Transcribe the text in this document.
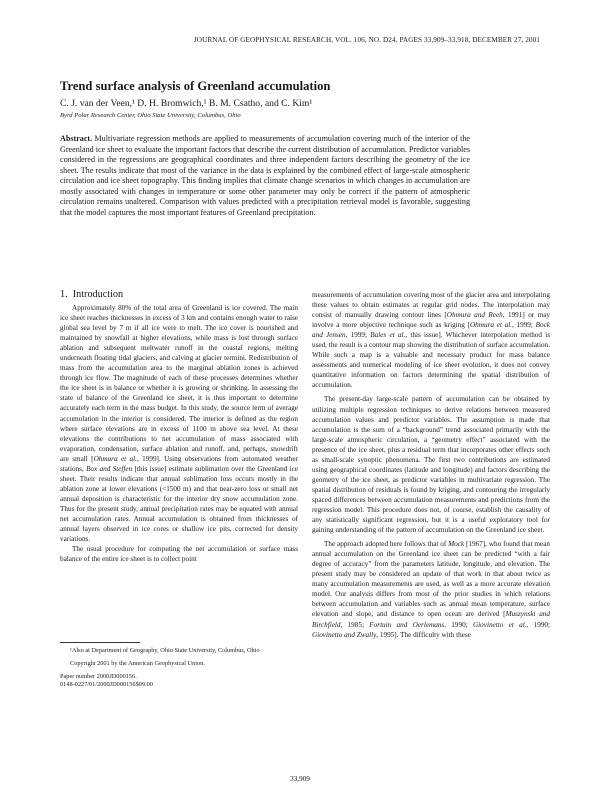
JOURNAL OF GEOPHYSICAL RESEARCH, VOL. 106, NO. D24, PAGES 33,909–33,918, DECEMBER 27, 2001
Trend surface analysis of Greenland accumulation
C. J. van der Veen,¹ D. H. Bromwich,¹ B. M. Csatho, and C. Kim¹
Byrd Polar Research Center, Ohio State University, Columbus, Ohio

Abstract. Multivariate regression methods are applied to measurements of accumulation covering much of the interior of the Greenland ice sheet to evaluate the important factors that describe the current distribution of accumulation. Predictor variables considered in the regressions are geographical coordinates and three independent factors describing the geometry of the ice sheet. The results indicate that most of the variance in the data is explained by the combined effect of large-scale atmospheric circulation and ice sheet topography. This finding implies that climate change scenarios in which changes in accumulation are mostly associated with changes in temperature or some other parameter may only be correct if the pattern of atmospheric circulation remains unaltered. Comparison with values predicted with a precipitation retrieval model is favorable, suggesting that the model captures the most important features of Greenland precipitation.

1. Introduction

Approximately 80% of the total area of Greenland is ice covered. The main ice sheet reaches thicknesses in excess of 3 km and contains enough water to raise global sea level by 7 m if all ice were to melt. The ice cover is nourished and maintained by snowfall at higher elevations, while mass is lost through surface ablation and subsequent meltwater runoff in the coastal regions, melting underneath floating tidal glaciers, and calving at glacier termini. Redistribution of mass from the accumulation area to the marginal ablation zones is achieved through ice flow. The magnitude of each of these processes determines whether the ice sheet is in balance or whether it is growing or shrinking. In assessing the state of balance of the Greenland ice sheet, it is thus important to determine accurately each term in the mass budget. In this study, the source term of average accumulation in the interior is considered. The interior is defined as the region where surface elevations are in excess of 1100 m above sea level. At these elevations the contributions to net accumulation of mass associated with evaporation, condensation, surface ablation and runoff, and, perhaps, snowdrift are small [Ohmura et al., 1999]. Using observations from automated weather stations, Box and Steffen [this issue] estimate sublimation over the Greenland ice sheet. Their results indicate that annual sublimation loss occurs mostly in the ablation zone at lower elevations (<1500 m) and that near-zero loss or small net annual deposition is characteristic for the interior dry snow accumulation zone. Thus for the present study, annual precipitation rates may be equated with annual net accumulation rates. Annual accumulation is obtained from thicknesses of annual layers observed in ice cores or shallow ice pits, corrected for density variations.

The usual procedure for computing the net accumulation or surface mass balance of the entire ice sheet is to collect point

¹Also at Department of Geography, Ohio State University, Columbus, Ohio

Copyright 2001 by the American Geophysical Union.

Paper number 2000JD000156.

0148-0227/01/2000JD000156$09.00

measurements of accumulation covering most of the glacier area and interpolating these values to obtain estimates at regular grid nodes. The interpolation may consist of manually drawing contour lines [Ohmura and Reeh, 1991] or may involve a more objective technique such as kriging [Ohmura et al., 1999; Bock and Jensen, 1999; Bales et al., this issue]. Whichever interpolation method is used, the result is a contour map showing the distribution of surface accumulation. While such a map is a valuable and necessary product for mass balance assessments and numerical modeling of ice sheet evolution, it does not convey quantitative information on factors determining the spatial distribution of accumulation.

The present-day large-scale pattern of accumulation can be obtained by utilizing multiple regression techniques to derive relations between measured accumulation values and predictor variables. The assumption is made that accumulation is the sum of a “background” trend associated primarily with the large-scale atmospheric circulation, a “geometry effect” associated with the presence of the ice sheet, plus a residual term that incorporates other effects such as small-scale synoptic phenomena. The first two contributions are estimated using geographical coordinates (latitude and longitude) and factors describing the geometry of the ice sheet, as predictor variables in multivariate regression. The spatial distribution of residuals is found by kriging, and contouring the irregularly spaced differences between accumulation measurements and predictions from the regression model. This procedure does not, of course, establish the causality of any statistically significant regression, but it is a useful exploratory tool for gaining understanding of the pattern of accumulation on the Greenland ice sheet.

The approach adopted here follows that of Mock [1967], who found that mean annual accumulation on the Greenland ice sheet can be predicted “with a fair degree of accuracy” from the parameters latitude, longitude, and elevation. The present study may be considered an update of that work in that about twice as many accumulation measurements are used, as well as a more accurate elevation model. Our analysis differs from most of the prior studies in which relations between accumulation and variables such as annual mean temperature, surface elevation and slope, and distance to open ocean are derived [Muszynski and Birchfield, 1985; Fortuin and Oerlemans, 1990; Giovinetto et al., 1990; Giovinetto and Zwally, 1995]. The difficulty with these

33,909
